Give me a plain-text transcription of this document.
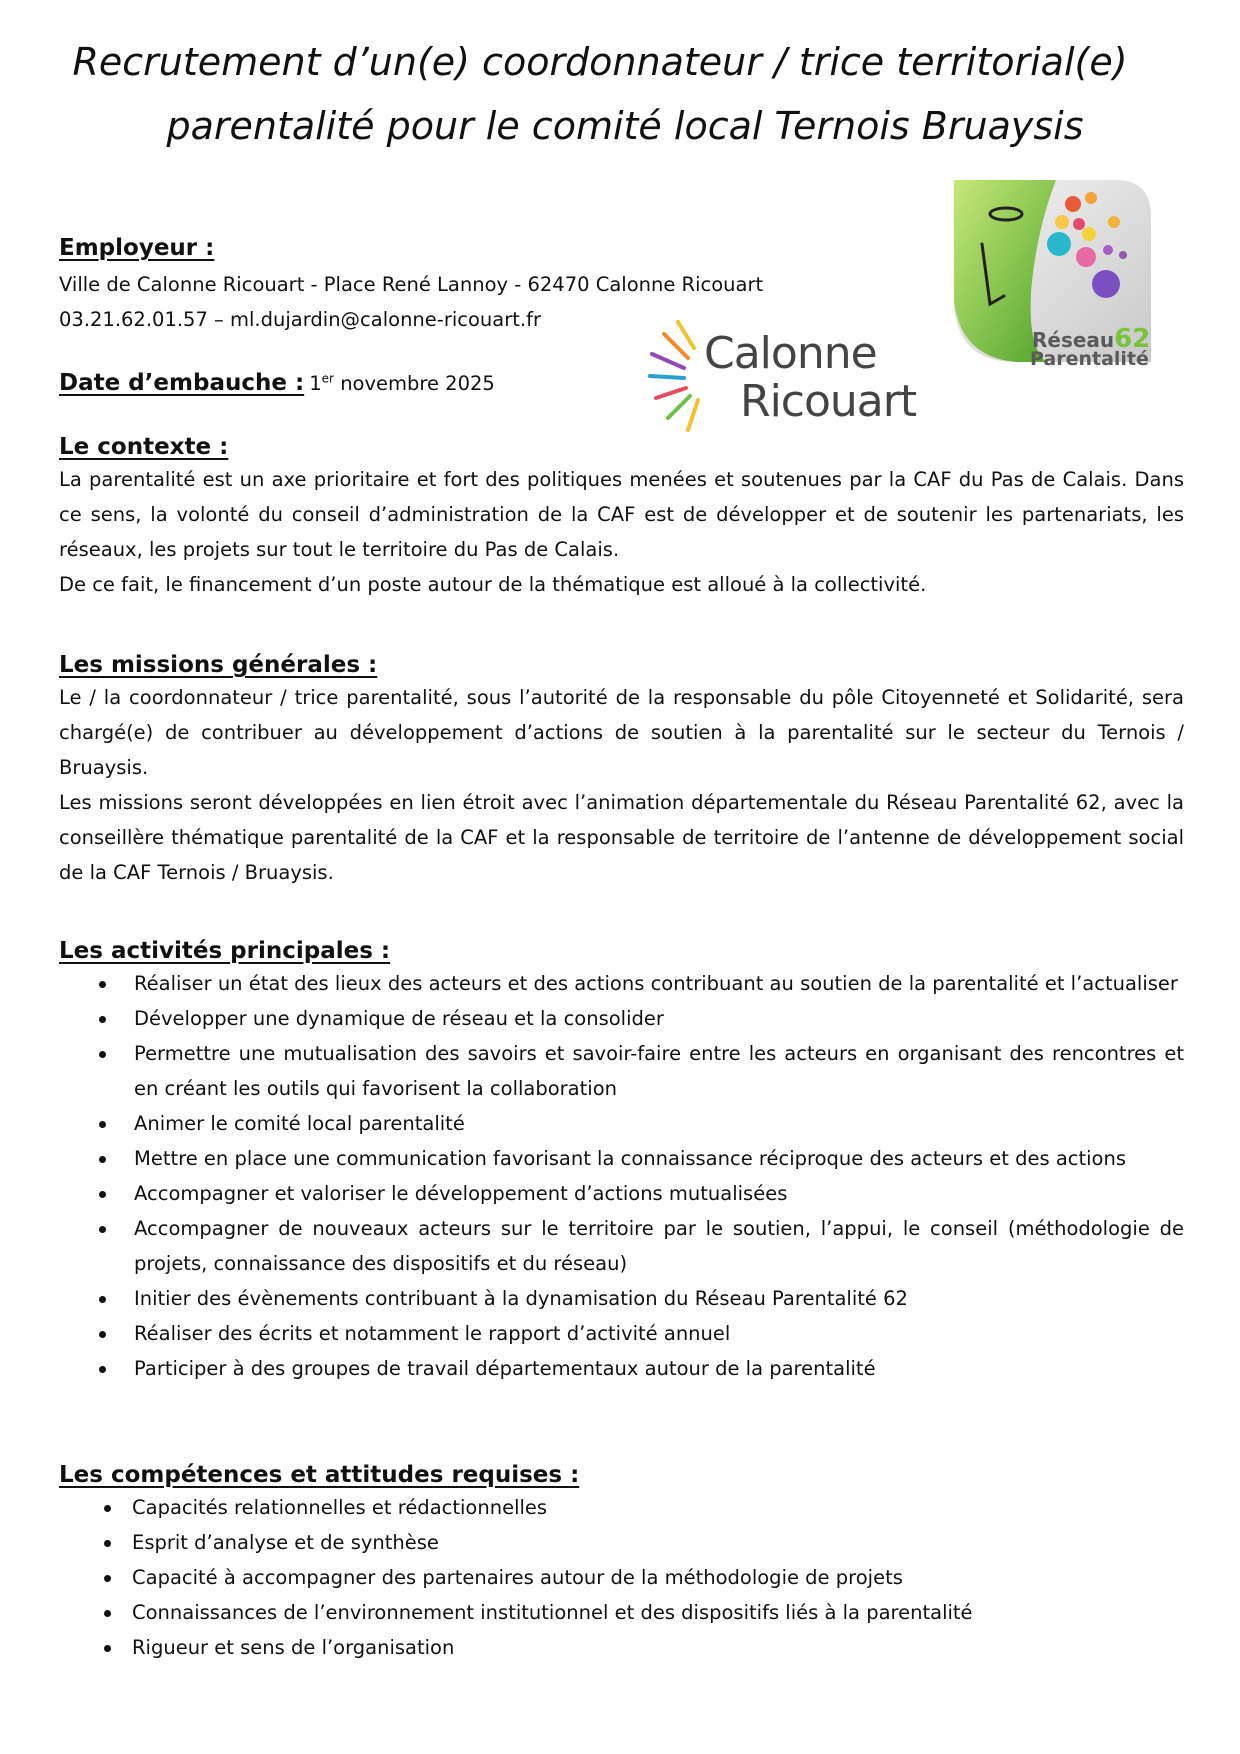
Recrutement d’un(e) coordonnateur / trice territorial(e)
parentalité pour le comité local Ternois Bruaysis
Réseau62
Parentalité
Calonne
Ricouart
Employeur :
Ville de Calonne Ricouart - Place René Lannoy - 62470 Calonne Ricouart
03.21.62.01.57 – ml.dujardin@calonne-ricouart.fr
Date d’embauche : 1er novembre 2025
Le contexte :
La parentalité est un axe prioritaire et fort des politiques menées et soutenues par la CAF du Pas de Calais. Dans ce sens, la volonté du conseil d’administration de la CAF est de développer et de soutenir les partenariats, les réseaux, les projets sur tout le territoire du Pas de Calais.
De ce fait, le financement d’un poste autour de la thématique est alloué à la collectivité.
Les missions générales :
Le / la coordonnateur / trice parentalité, sous l’autorité de la responsable du pôle Citoyenneté et Solidarité, sera chargé(e) de contribuer au développement d’actions de soutien à la parentalité sur le secteur du Ternois / Bruaysis.
Les missions seront développées en lien étroit avec l’animation départementale du Réseau Parentalité 62, avec la conseillère thématique parentalité de la CAF et la responsable de territoire de l’antenne de développement social de la CAF Ternois / Bruaysis.
Les activités principales :
Réaliser un état des lieux des acteurs et des actions contribuant au soutien de la parentalité et l’actualiser
Développer une dynamique de réseau et la consolider
Permettre une mutualisation des savoirs et savoir-faire entre les acteurs en organisant des rencontres et en créant les outils qui favorisent la collaboration
Animer le comité local parentalité
Mettre en place une communication favorisant la connaissance réciproque des acteurs et des actions
Accompagner et valoriser le développement d’actions mutualisées
Accompagner de nouveaux acteurs sur le territoire par le soutien, l’appui, le conseil (méthodologie de projets, connaissance des dispositifs et du réseau)
Initier des évènements contribuant à la dynamisation du Réseau Parentalité 62
Réaliser des écrits et notamment le rapport d’activité annuel
Participer à des groupes de travail départementaux autour de la parentalité
Les compétences et attitudes requises :
Capacités relationnelles et rédactionnelles
Esprit d’analyse et de synthèse
Capacité à accompagner des partenaires autour de la méthodologie de projets
Connaissances de l’environnement institutionnel et des dispositifs liés à la parentalité
Rigueur et sens de l’organisation
